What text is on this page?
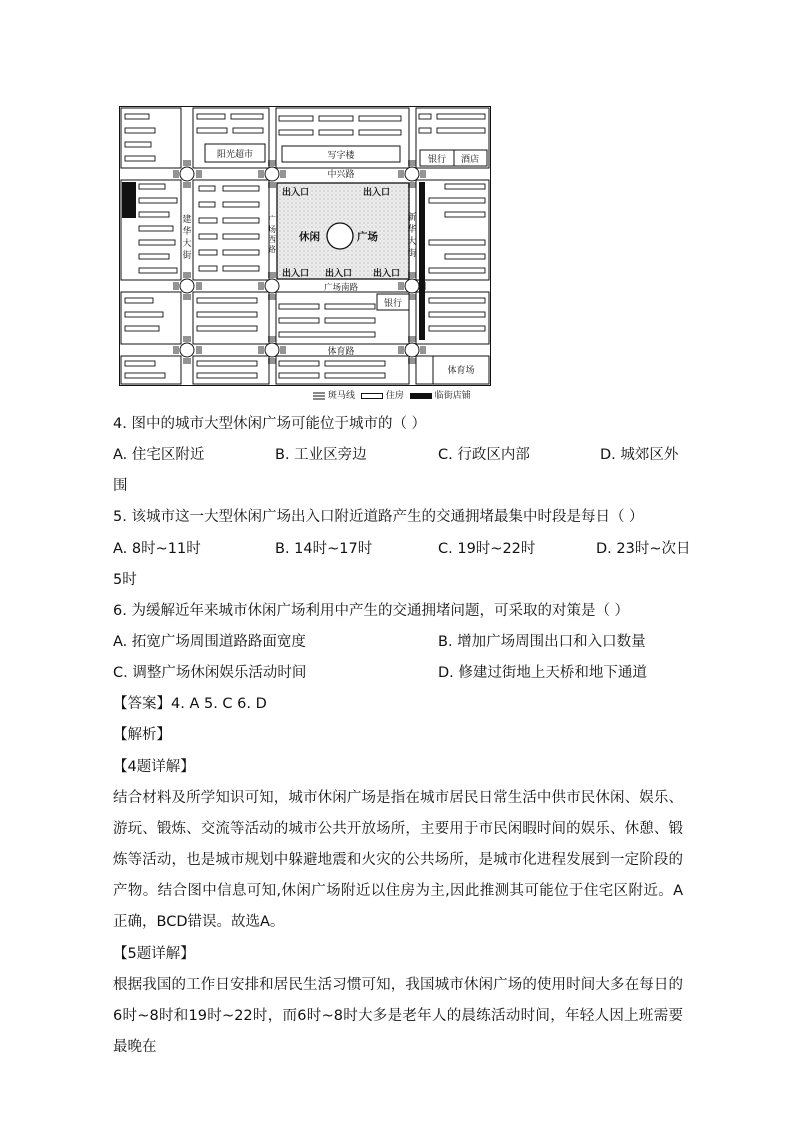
阳光超市	写字楼	银行 酒店
中兴路
出入口	出入口
出入口 出入口 出入口
休闲	广场
建
华
大
街
广
场
西
路
新
华
大
街
广场南路
银行
体育路
体育场
斑马线	住房	临街店铺
4. 图中的城市大型休闲广场可能位于城市的（ ）
A. 住宅区附近	B. 工业区旁边	C. 行政区内部	D. 城郊区外
围
5. 该城市这一大型休闲广场出入口附近道路产生的交通拥堵最集中时段是每日（ ）
A. 8时~11时	B. 14时~17时	C. 19时~22时	D. 23时~次日
5时
6. 为缓解近年来城市休闲广场利用中产生的交通拥堵问题，可采取的对策是（ ）
A. 拓宽广场周围道路路面宽度	B. 增加广场周围出口和入口数量
C. 调整广场休闲娱乐活动时间	D. 修建过街地上天桥和地下通道
【答案】4. A 5. C 6. D
【解析】
【4题详解】
结合材料及所学知识可知，城市休闲广场是指在城市居民日常生活中供市民休闲、娱乐、游玩、锻炼、交流等活动的城市公共开放场所，主要用于市民闲暇时间的娱乐、休憩、锻炼等活动，也是城市规划中躲避地震和火灾的公共场所，是城市化进程发展到一定阶段的产物。结合图中信息可知,休闲广场附近以住房为主,因此推测其可能位于住宅区附近。A正确，BCD错误。故选A。
【5题详解】
根据我国的工作日安排和居民生活习惯可知，我国城市休闲广场的使用时间大多在每日的6时~8时和19时~22时，而6时~8时大多是老年人的晨练活动时间，年轻人因上班需要最晚在
